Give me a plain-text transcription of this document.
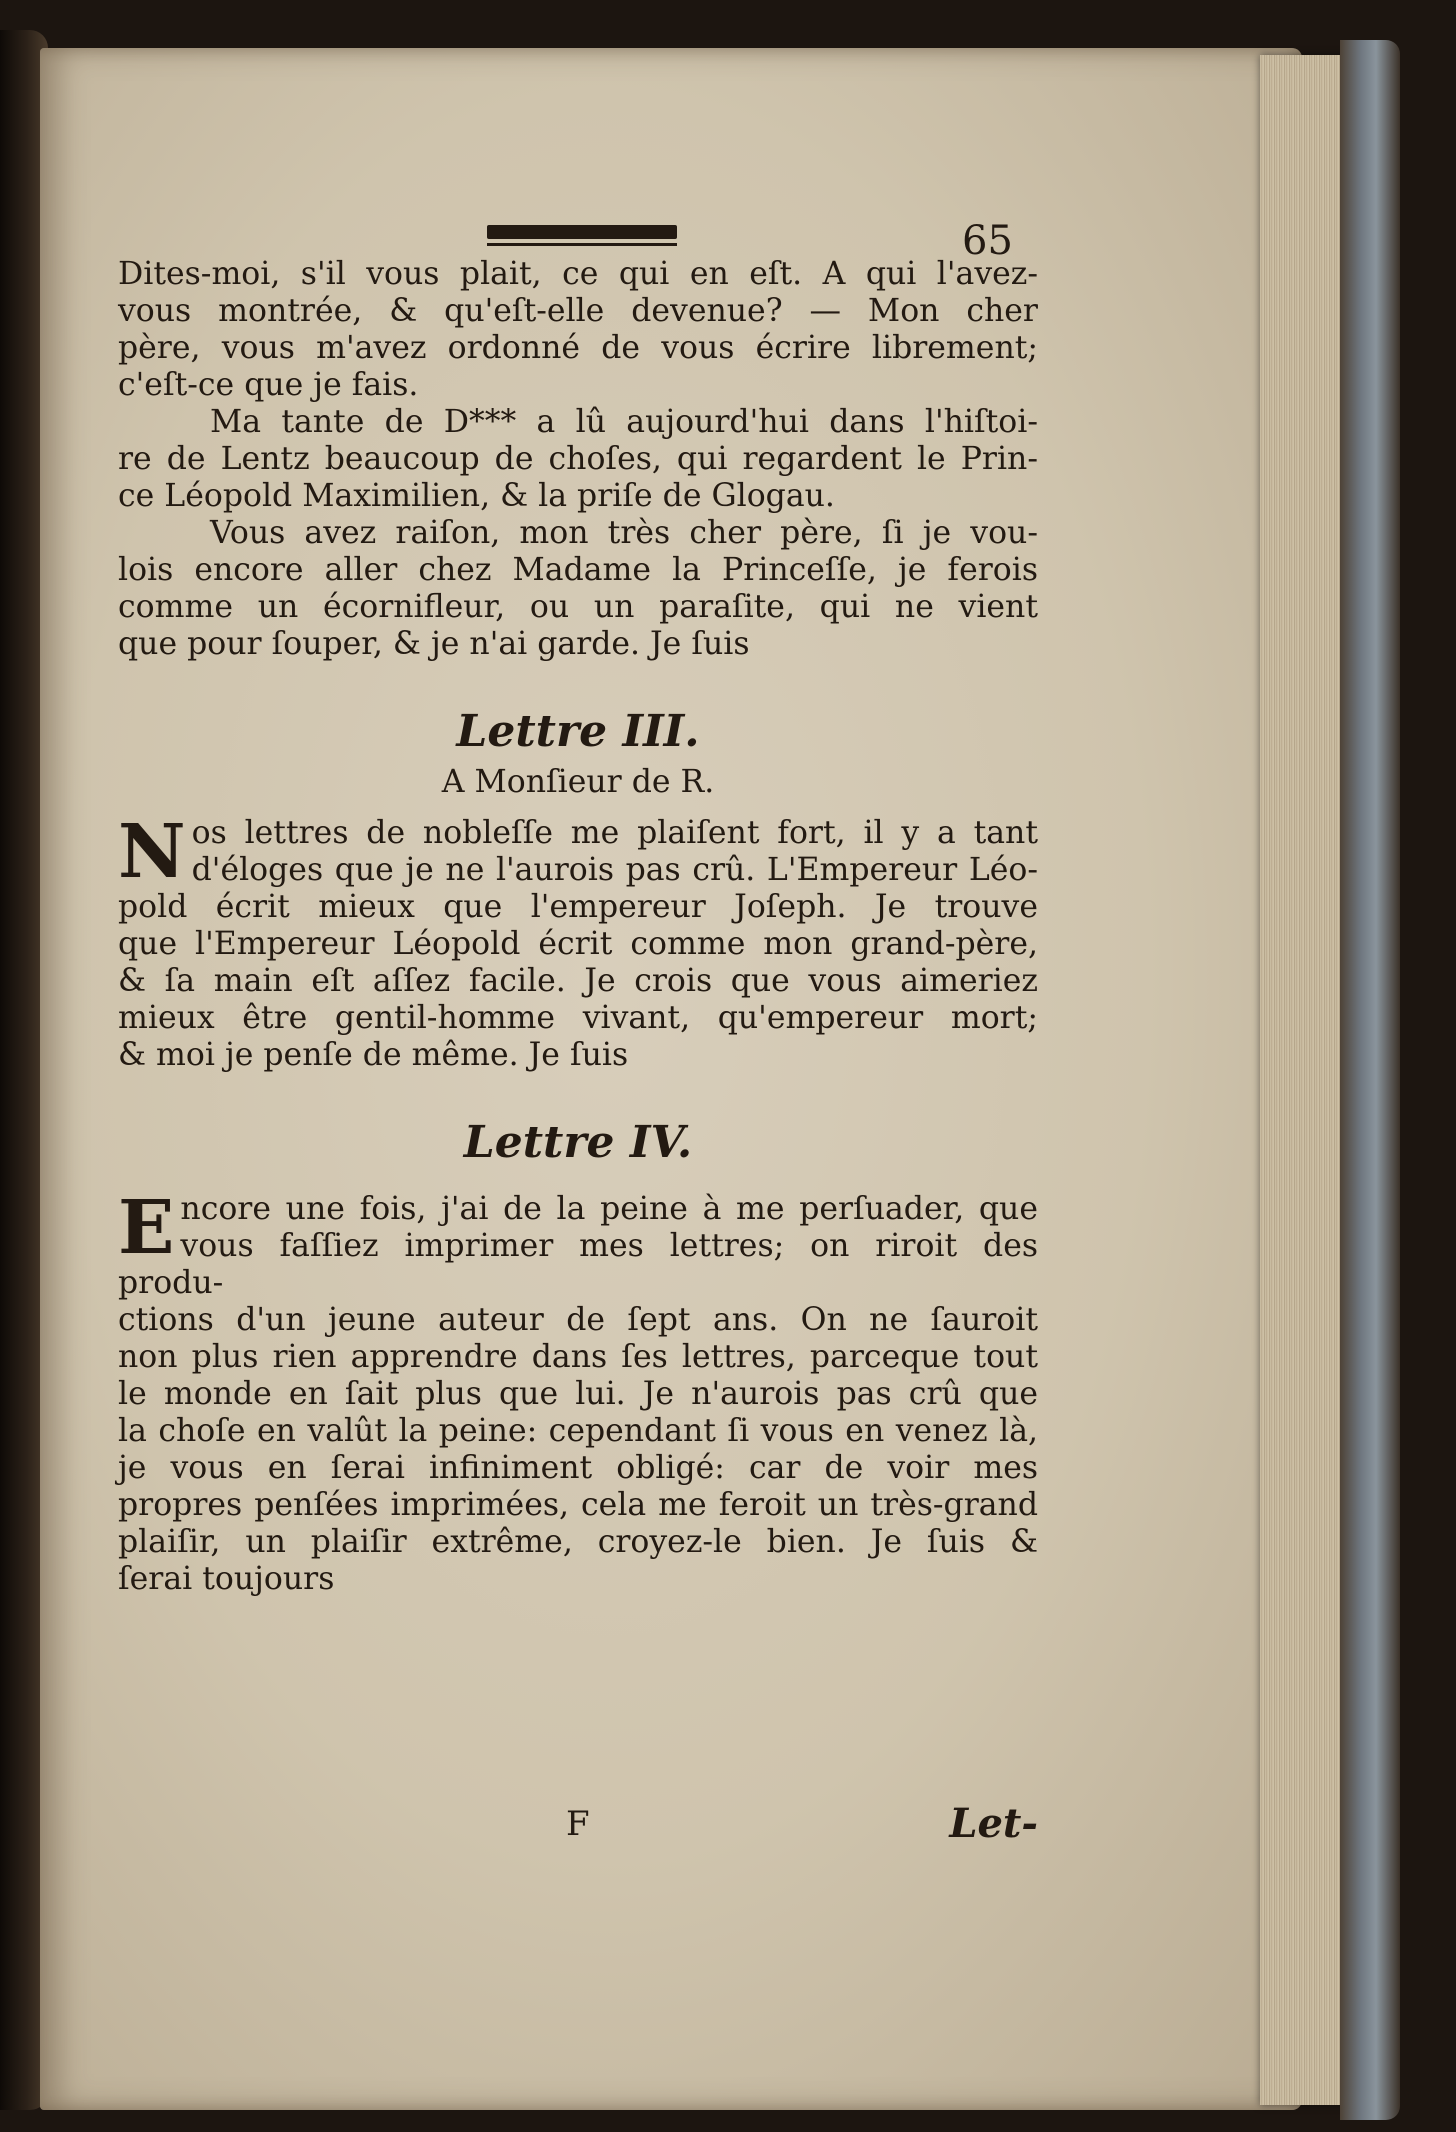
65

Dites-moi, s'il vous plait, ce qui en eſt. A qui l'avez-

vous montrée, & qu'eſt-elle devenue? — Mon cher

père, vous m'avez ordonné de vous écrire librement;

c'eſt-ce que je fais.

Ma tante de D*** a lû aujourd'hui dans l'hiſtoi-

re de Lentz beaucoup de choſes, qui regardent le Prin-

ce Léopold Maximilien, & la priſe de Glogau.

Vous avez raiſon, mon très cher père, ſi je vou-

lois encore aller chez Madame la Princeſſe, je ferois

comme un écornifleur, ou un paraſite, qui ne vient

que pour ſouper, & je n'ai garde. Je ſuis

Lettre III.

A Monſieur de R.

N os lettres de nobleſſe me plaiſent fort, il y a tant

d'éloges que je ne l'aurois pas crû. L'Empereur Léo-

pold écrit mieux que l'empereur Joſeph. Je trouve

que l'Empereur Léopold écrit comme mon grand-père,

& ſa main eſt aſſez facile. Je crois que vous aimeriez

mieux être gentil-homme vivant, qu'empereur mort;

& moi je penſe de même. Je ſuis

Lettre IV.

E ncore une fois, j'ai de la peine à me perſuader, que

vous faſſiez imprimer mes lettres; on riroit des produ-

ctions d'un jeune auteur de ſept ans. On ne ſauroit

non plus rien apprendre dans ſes lettres, parceque tout

le monde en ſait plus que lui. Je n'aurois pas crû que

la choſe en valût la peine: cependant ſi vous en venez là,

je vous en ſerai infiniment obligé: car de voir mes

propres penſées imprimées, cela me feroit un très-grand

plaiſir, un plaiſir extrême, croyez-le bien. Je ſuis &

ſerai toujours

F	Let-
